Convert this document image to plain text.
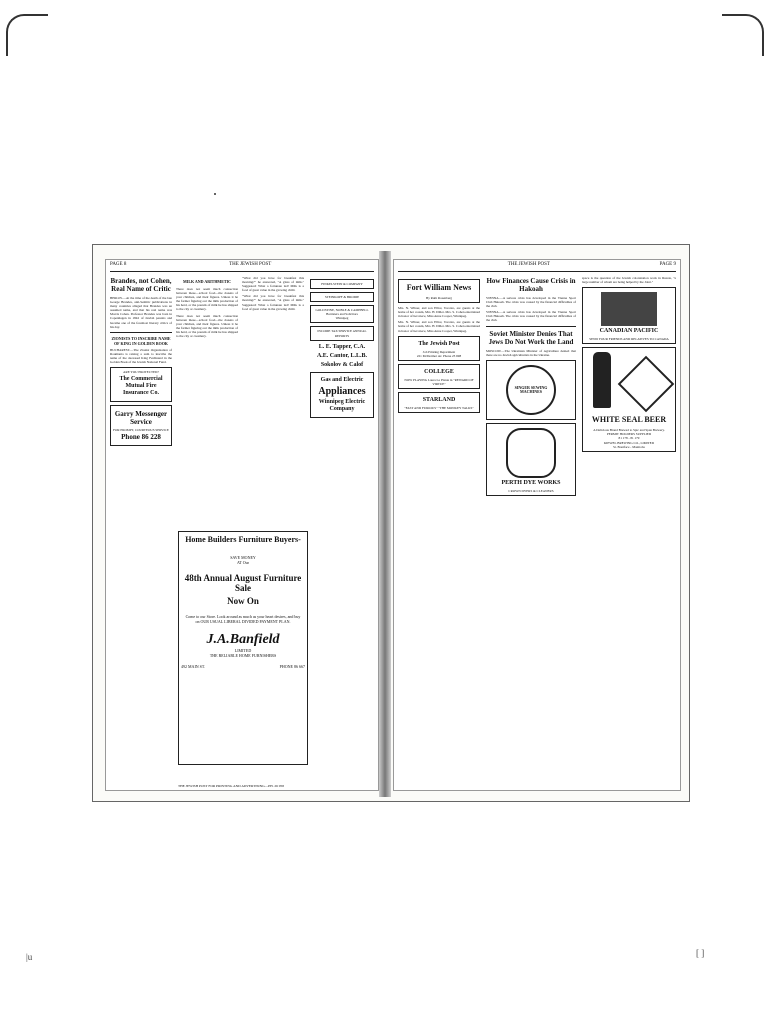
|u	[ ]
PAGE 8	THE JEWISH POST
Brandes, not Cohen, Real Name of Critic

BERLIN.—At the time of the death of the late George Brandes, anti-Semitic publications in many countries alleged that Brandes was an assumed name, and that his real name was Morris Cohen. Professor Brandes was born in Copenhagen in 1842 of Jewish parents and became one of the foremost literary critics of his day.

ZIONISTS TO INSCRIBE NAME OF KING IN GOLDEN BOOK

BUCHAREST.—The Zionist Organization of Roumania is raising a sum to inscribe the name of the deceased King Ferdinand in the Golden Book of the Jewish National Fund.

ARE YOU PROTECTED?
The Commercial Mutual Fire Insurance Co.
Garry Messenger Service
FOR PROMPT, COURTEOUS SERVICE
Phone 86 228
MILK AND ARITHMETIC

There does not seem much connection between these—school food—the dozens of your children, and their figures. Unless it be the farmer figuring out the milk production of his herd, or the pounds of milk he has shipped to the city or creamery.

There does not seem much connection between these—school food—the dozens of your children, and their figures. Unless it be the farmer figuring out the milk production of his herd, or the pounds of milk he has shipped to the city or creamery.

"What did you have for breakfast this morning?" he answered, "A glass of milk." Suggested: What a fortunate lad! Milk is a food of great value in the growing child.

"What did you have for breakfast this morning?" he answered, "A glass of milk." Suggested: What a fortunate lad! Milk is a food of great value in the growing child.

FINKELSTEIN & COMPANY
STEINKOPF & BRODIE
GOLDSTINE, NOBLE & CAMPBELL
Barristers and Solicitors
Winnipeg
INCOME TAX SERVICE ANNUAL REPORTS
L. E. Tapper, C.A.
A.E. Cantor, L.L.B.
Sokolov & Calof
Gas and Electric
Appliances
Winnipeg Electric Company
Home Builders Furniture Buyers-
SAVE MONEY
AT Our
48th Annual August Furniture Sale
Now On

Come to our Store. Look around as much as your heart desires, and buy on OUR USUAL LIBERAL DIVIDED PAYMENT PLAN.

J.A.Banfield
LIMITED
THE RELIABLE HOME FURNISHERS
492 MAIN ST.	PHONE 86 667
THE JEWISH POST FOR PRINTING AND ADVERTISING—PH. 26 058
THE JEWISH POST	PAGE 9
Fort William News
By Ruth Rosenberg

Mrs. N. Wilner, and son Elliot, Toronto, are guests at the home of her cousin, Mrs. H. Diller. Mrs. S. Cohen entertained in honor of her niece, Miss Anne Cooper, Winnipeg.

Mrs. N. Wilner, and son Elliot, Toronto, are guests at the home of her cousin, Mrs. H. Diller. Mrs. S. Cohen entertained in honor of her niece, Miss Anne Cooper, Winnipeg.

The Jewish Post
Job Printing Department
221 McDermot Av. Phone 23 698
COLLEGE
NOW PLAYING Laura La Plante in "REWARD OF VIRTUE"
STARLAND
"FAST AND FURIOUS" "THE MONKEY TALKS"
How Finances Cause Crisis in Hakoah

VIENNA.—A serious crisis has developed in the Vienna Sport Club Hakoah. The crisis was caused by the financial difficulties of the club.

VIENNA.—A serious crisis has developed in the Vienna Sport Club Hakoah. The crisis was caused by the financial difficulties of the club.

Soviet Minister Denies That Jews Do Not Work the Land

MOSCOW.—The Ukrainian Minister of Agriculture denied that there are no Jewish agriculturists in the Ukraine.

SINGER SEWING MACHINES
PERTH DYE WORKS
CROWN DYERS & CLEANERS

space is the question of the Jewish colonization work in Russia, "a large number of whom are being helped by the Joint."

CANADIAN PACIFIC
SEND YOUR FRIENDS AND RELATIVES TO CANADA
WHITE SEAL BEER
A Delicious Brand Brewed to Spic and Span Brewery.
PERMIT HOLDERS SUPPLIED
81 178 - 81 179
KIEWEL BREWING CO., LIMITED
St. Boniface - Manitoba
